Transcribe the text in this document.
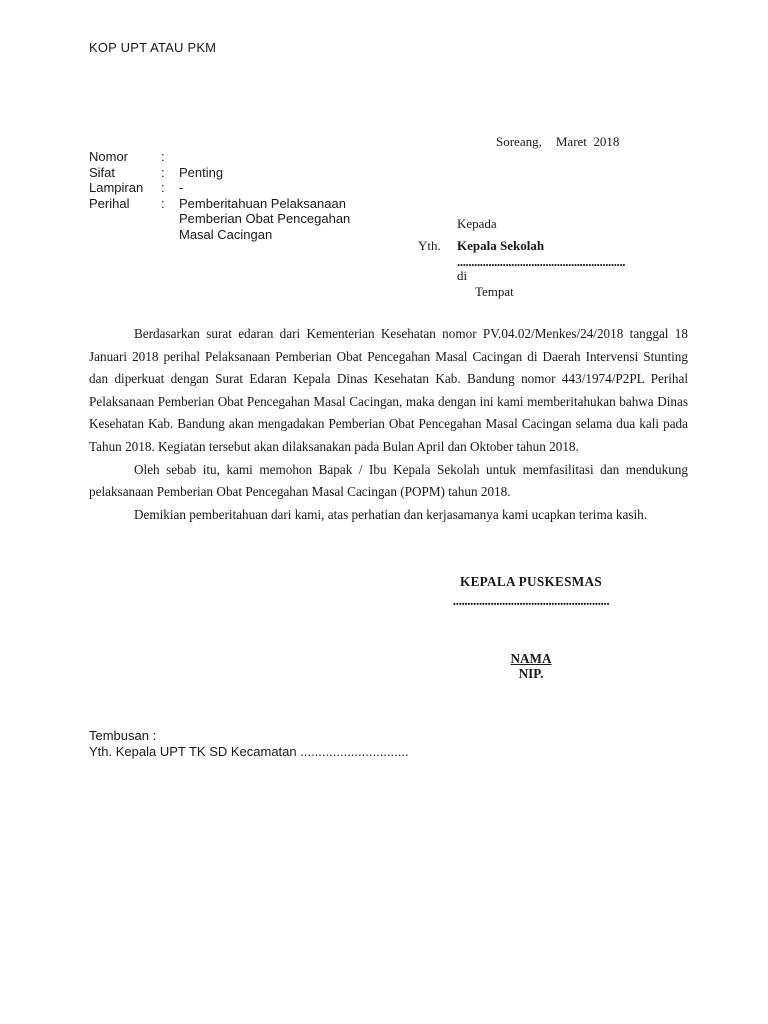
KOP UPT ATAU PKM
Soreang, Maret  2018
Nomor	:
Sifat	:	Penting
Lampiran	:	-
Perihal	:	Pemberitahuan Pelaksanaan
Pemberian Obat Pencegahan
Masal Cacingan
Kepada
Yth. Kepala Sekolah
...........................................................
di
Tempat

Berdasarkan surat edaran dari Kementerian Kesehatan nomor PV.04.02/Menkes/24/2018 tanggal 18 Januari 2018 perihal Pelaksanaan Pemberian Obat Pencegahan Masal Cacingan di Daerah Intervensi Stunting dan diperkuat dengan Surat Edaran Kepala Dinas Kesehatan Kab. Bandung nomor 443/1974/P2PL Perihal Pelaksanaan Pemberian Obat Pencegahan Masal Cacingan, maka dengan ini kami memberitahukan bahwa Dinas Kesehatan Kab. Bandung akan mengadakan Pemberian Obat Pencegahan Masal Cacingan selama dua kali pada Tahun 2018. Kegiatan tersebut akan dilaksanakan pada Bulan April dan Oktober tahun 2018.

Oleh sebab itu, kami memohon Bapak / Ibu Kepala Sekolah untuk memfasilitasi dan mendukung pelaksanaan Pemberian Obat Pencegahan Masal Cacingan (POPM) tahun 2018.

Demikian pemberitahuan dari kami, atas perhatian dan kerjasamanya kami ucapkan terima kasih.

KEPALA PUSKESMAS
......................................................
NAMA
NIP.
Tembusan :
Yth. Kepala UPT TK SD Kecamatan ..............................
